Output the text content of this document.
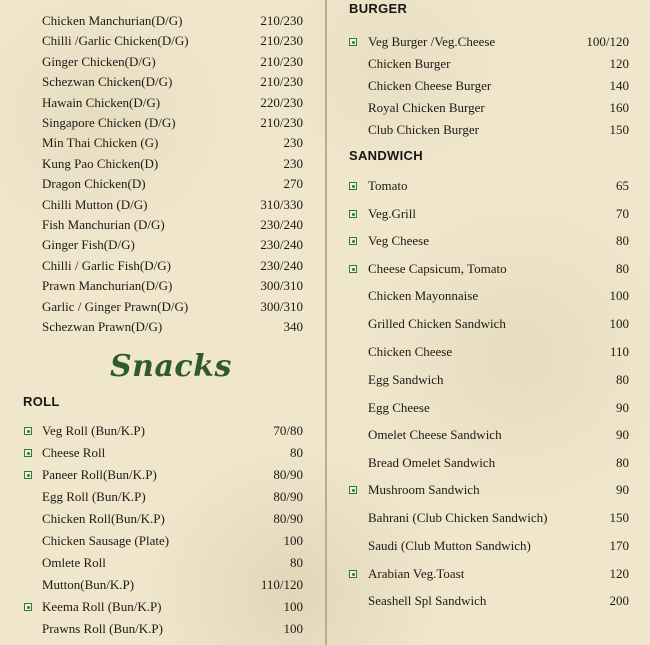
Chicken Manchurian(D/G)	210/230
Chilli /Garlic Chicken(D/G)	210/230
Ginger Chicken(D/G)	210/230
Schezwan Chicken(D/G)	210/230
Hawain Chicken(D/G)	220/230
Singapore Chicken (D/G)	210/230
Min Thai Chicken (G)	230
Kung Pao Chicken(D)	230
Dragon Chicken(D)	270
Chilli Mutton (D/G)	310/330
Fish Manchurian (D/G)	230/240
Ginger Fish(D/G)	230/240
Chilli / Garlic Fish(D/G)	230/240
Prawn Manchurian(D/G)	300/310
Garlic / Ginger Prawn(D/G)	300/310
Schezwan Prawn(D/G)	340
Snacks
ROLL
Veg Roll (Bun/K.P)	70/80
Cheese Roll	80
Paneer Roll(Bun/K.P)	80/90
Egg Roll (Bun/K.P)	80/90
Chicken Roll(Bun/K.P)	80/90
Chicken Sausage (Plate)	100
Omlete Roll	80
Mutton(Bun/K.P)	110/120
Keema Roll (Bun/K.P)	100
Prawns Roll (Bun/K.P)	100
BURGER
Veg Burger /Veg.Cheese	100/120
Chicken Burger	120
Chicken Cheese Burger	140
Royal Chicken Burger	160
Club Chicken Burger	150
SANDWICH
Tomato	65
Veg.Grill	70
Veg Cheese	80
Cheese Capsicum, Tomato	80
Chicken Mayonnaise	100
Grilled Chicken Sandwich	100
Chicken Cheese	110
Egg Sandwich	80
Egg Cheese	90
Omelet Cheese Sandwich	90
Bread Omelet Sandwich	80
Mushroom Sandwich	90
Bahrani (Club Chicken Sandwich)	150
Saudi (Club Mutton Sandwich)	170
Arabian Veg.Toast	120
Seashell Spl Sandwich	200
